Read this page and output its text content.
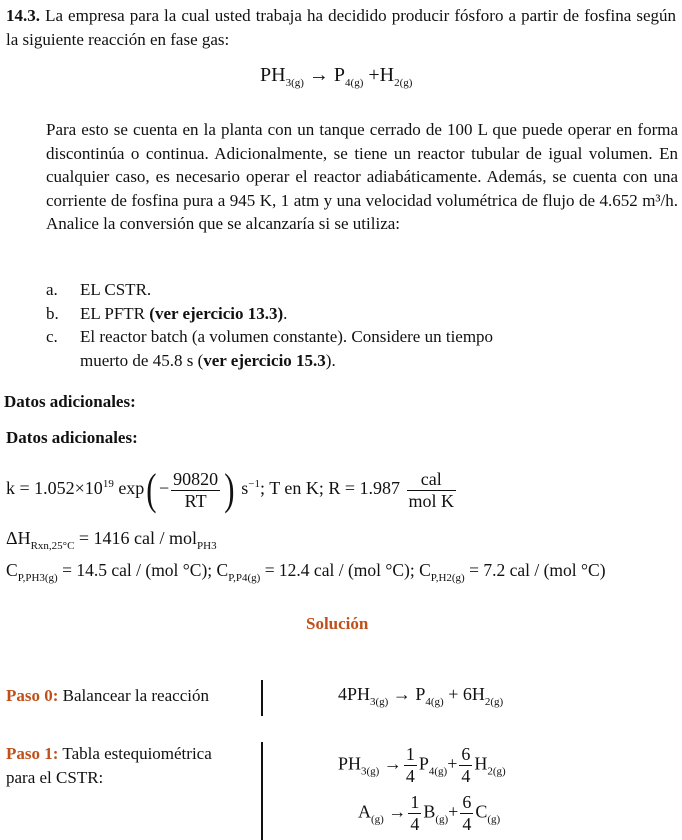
14.3. La empresa para la cual usted trabaja ha decidido producir fósforo a partir de fosfina según la siguiente reacción en fase gas:
$PH_{3(g)} \to P_{4(g)} +H_{2(g)}$
Para esto se cuenta en la planta con un tanque cerrado de 100 L que puede operar en forma discontinúa o continua. Adicionalmente, se tiene un reactor tubular de igual volumen. En cualquier caso, es necesario operar el reactor adiabáticamente. Además, se cuenta con una corriente de fosfina pura a 945 K, 1 atm y una velocidad volumétrica de flujo de 4.652 m³/h. Analice la conversión que se alcanzaría si se utiliza:
a.	EL CSTR.
b.	EL PFTR (ver ejercicio 13.3).
c.	El reactor batch (a volumen constante). Considere un tiempo
muerto de 45.8 s (ver ejercicio 15.3).
Datos adicionales:
Datos adicionales:
$k = 1.052\times 10^{19}$ $\exp( - \frac{90820}{RT}$ ) $s^{-1}$; T en K; $R = 1.987 \frac{\text{cal}}{\text{mol K}}$
$\Delta H_{Rxn,25^\circ C} = 1416$ cal / mol$_{PH3}$
$C_{P,PH3(g)} = 14.5$ cal / (mol °C); $C_{P,P4(g)} = 12.4$ cal / (mol °C); $C_{P,H2(g)} = 7.2$ cal / (mol °C)
Solución
Paso 0: Balancear la reacción	$4PH_{3(g)} \to P_{4(g)} + 6H_{2(g)}$
Paso 1: Tabla estequiométrica
para el CSTR:
$PH_{3(g)} \to \frac{1}{4} P_{4(g)}+ \frac{6}{4} H_{2(g)}$
$A_{(g)} \to \frac{1}{4} B_{(g)}+ \frac{6}{4} C_{(g)}$
